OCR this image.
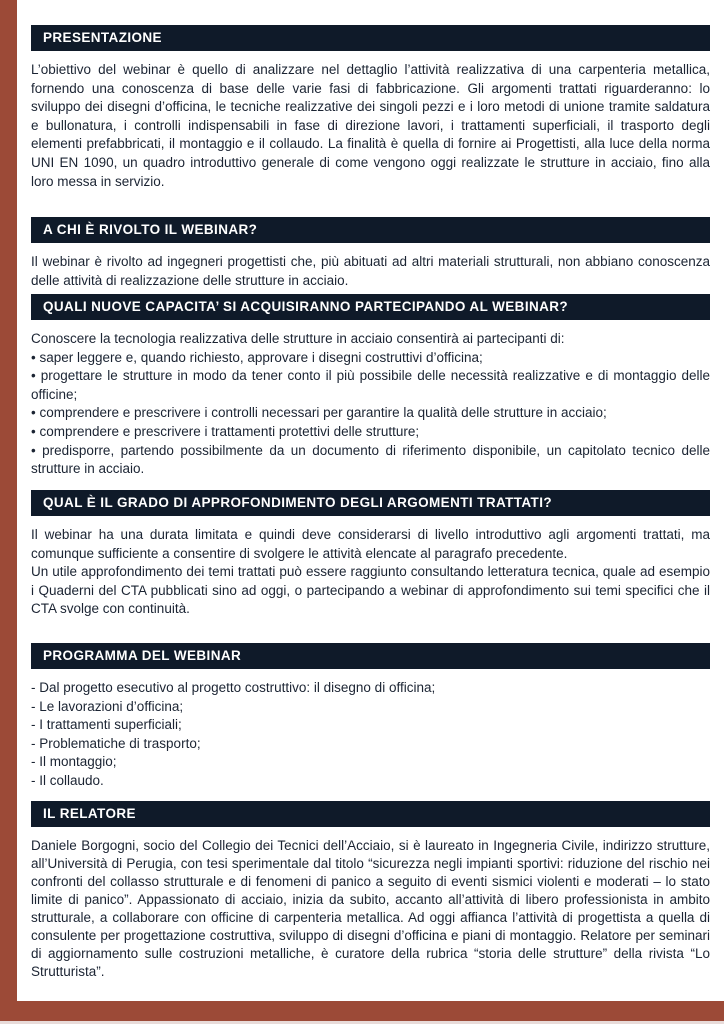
PRESENTAZIONE

L’obiettivo del webinar è quello di analizzare nel dettaglio l’attività realizzativa di una carpenteria metallica, fornendo una conoscenza di base delle varie fasi di fabbricazione. Gli argomenti trattati riguarderanno: lo sviluppo dei disegni d’officina, le tecniche realizzative dei singoli pezzi e i loro metodi di unione tramite saldatura e bullonatura, i controlli indispensabili in fase di direzione lavori, i trattamenti superficiali, il trasporto degli elementi prefabbricati, il montaggio e il collaudo. La finalità è quella di fornire ai Progettisti, alla luce della norma UNI EN 1090, un quadro introduttivo generale di come vengono oggi realizzate le strutture in acciaio, fino alla loro messa in servizio.

A CHI È RIVOLTO IL WEBINAR?

Il webinar è rivolto ad ingegneri progettisti che, più abituati ad altri materiali strutturali, non abbiano conoscenza delle attività di realizzazione delle strutture in acciaio.

QUALI NUOVE CAPACITA’ SI ACQUISIRANNO PARTECIPANDO AL WEBINAR?

Conoscere la tecnologia realizzativa delle strutture in acciaio consentirà ai partecipanti di:

• saper leggere e, quando richiesto, approvare i disegni costruttivi d’officina;

• progettare le strutture in modo da tener conto il più possibile delle necessità realizzative e di montaggio delle officine;

• comprendere e prescrivere i controlli necessari per garantire la qualità delle strutture in acciaio;

• comprendere e prescrivere i trattamenti protettivi delle strutture;

• predisporre, partendo possibilmente da un documento di riferimento disponibile, un capitolato tecnico delle strutture in acciaio.

QUAL È IL GRADO DI APPROFONDIMENTO DEGLI ARGOMENTI TRATTATI?

Il webinar ha una durata limitata e quindi deve considerarsi di livello introduttivo agli argomenti trattati, ma comunque sufficiente a consentire di svolgere le attività elencate al paragrafo precedente.

Un utile approfondimento dei temi trattati può essere raggiunto consultando letteratura tecnica, quale ad esempio i Quaderni del CTA pubblicati sino ad oggi, o partecipando a webinar di approfondimento sui temi specifici che il CTA svolge con continuità.

PROGRAMMA DEL WEBINAR

- Dal progetto esecutivo al progetto costruttivo: il disegno di officina;

- Le lavorazioni d’officina;

- I trattamenti superficiali;

- Problematiche di trasporto;

- Il montaggio;

- Il collaudo.

IL RELATORE

Daniele Borgogni, socio del Collegio dei Tecnici dell’Acciaio, si è laureato in Ingegneria Civile, indirizzo strutture, all’Università di Perugia, con tesi sperimentale dal titolo “sicurezza negli impianti sportivi: riduzione del rischio nei confronti del collasso strutturale e di fenomeni di panico a seguito di eventi sismici violenti e moderati – lo stato limite di panico”. Appassionato di acciaio, inizia da subito, accanto all’attività di libero professionista in ambito strutturale, a collaborare con officine di carpenteria metallica. Ad oggi affianca l’attività di progettista a quella di consulente per progettazione costruttiva, sviluppo di disegni d’officina e piani di montaggio. Relatore per seminari di aggiornamento sulle costruzioni metalliche, è curatore della rubrica “storia delle strutture” della rivista “Lo Strutturista”.
